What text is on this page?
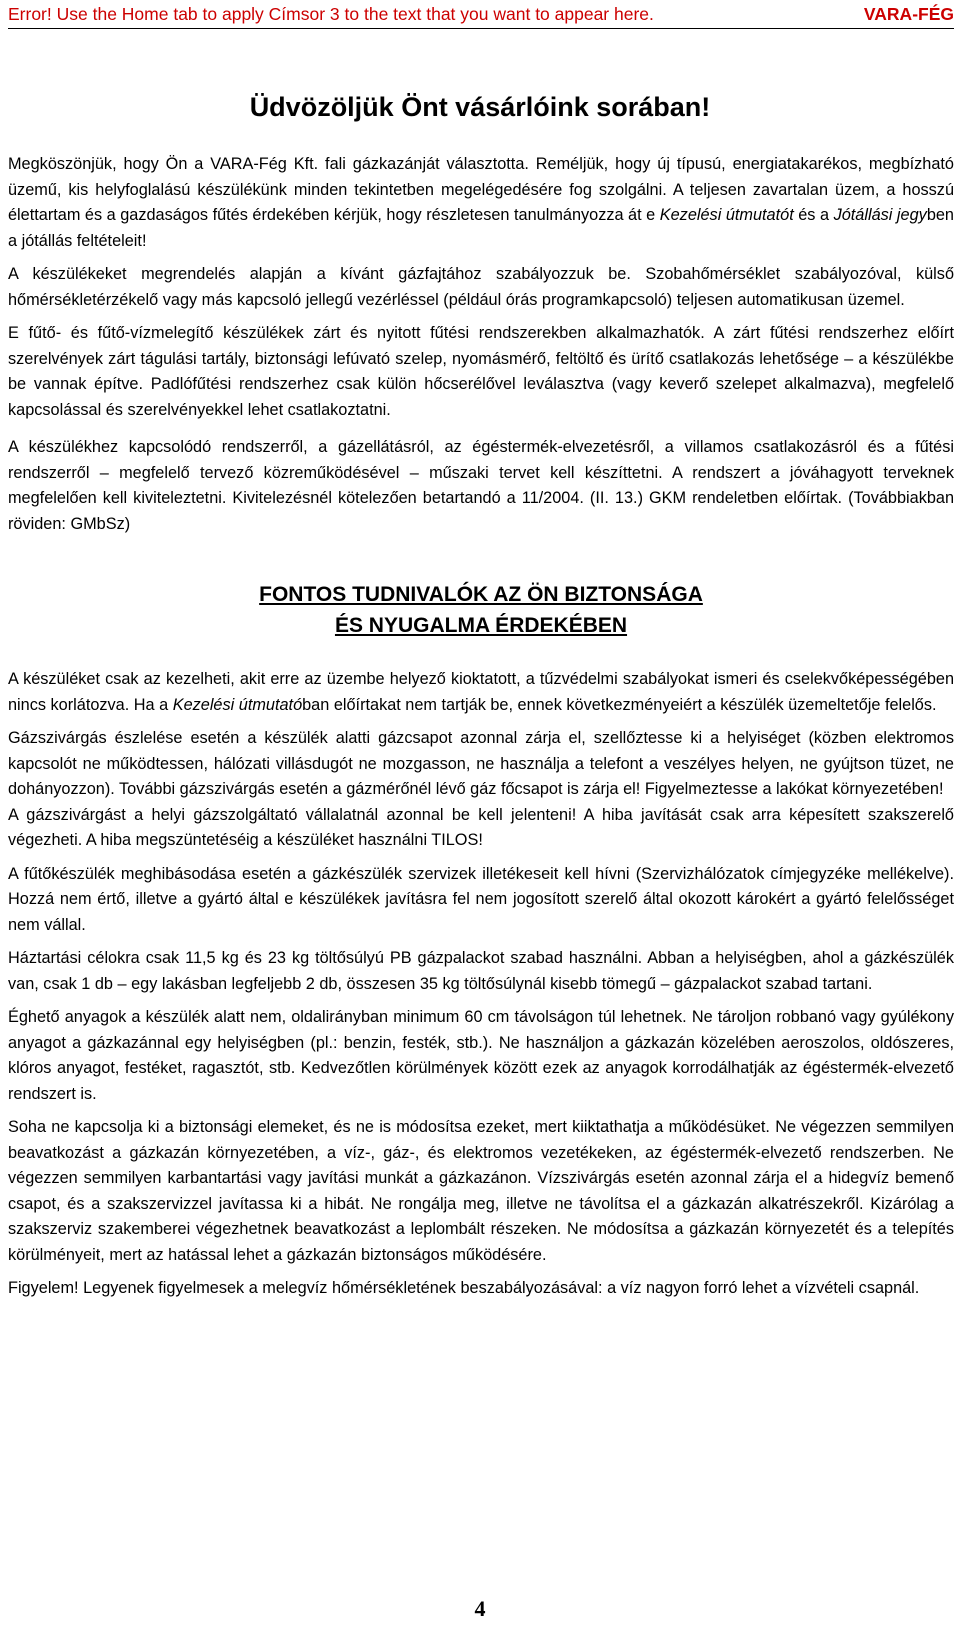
Error! Use the Home tab to apply Címsor 3 to the text that you want to appear here.	VARA-FÉG
Üdvözöljük Önt vásárlóink sorában!

Megköszönjük, hogy Ön a VARA-Fég Kft. fali gázkazánját választotta. Reméljük, hogy új típusú, energiatakarékos, megbízható üzemű, kis helyfoglalású készülékünk minden tekintetben megelégedésére fog szolgálni. A teljesen zavartalan üzem, a hosszú élettartam és a gazdaságos fűtés érdekében kérjük, hogy részletesen tanulmányozza át e Kezelési útmutatót és a Jótállási jegyben a jótállás feltételeit!

A készülékeket megrendelés alapján a kívánt gázfajtához szabályozzuk be. Szobahőmérséklet szabályozóval, külső hőmérsékletérzékelő vagy más kapcsoló jellegű vezérléssel (például órás programkapcsoló) teljesen automatikusan üzemel.

E fűtő- és fűtő-vízmelegítő készülékek zárt és nyitott fűtési rendszerekben alkalmazhatók. A zárt fűtési rendszerhez előírt szerelvények zárt tágulási tartály, biztonsági lefúvató szelep, nyomásmérő, feltöltő és ürítő csatlakozás lehetősége – a készülékbe be vannak építve. Padlófűtési rendszerhez csak külön hőcserélővel leválasztva (vagy keverő szelepet alkalmazva), megfelelő kapcsolással és szerelvényekkel lehet csatlakoztatni.

A készülékhez kapcsolódó rendszerről, a gázellátásról, az égéstermék-elvezetésről, a villamos csatlakozásról és a fűtési rendszerről – megfelelő tervező közreműködésével – műszaki tervet kell készíttetni. A rendszert a jóváhagyott terveknek megfelelően kell kiviteleztetni. Kivitelezésnél kötelezően betartandó a 11/2004. (II. 13.) GKM rendeletben előírtak. (Továbbiakban röviden: GMbSz)

FONTOS TUDNIVALÓK AZ ÖN BIZTONSÁGA
ÉS NYUGALMA ÉRDEKÉBEN

A készüléket csak az kezelheti, akit erre az üzembe helyező kioktatott, a tűzvédelmi szabályokat ismeri és cselekvőképességében nincs korlátozva. Ha a Kezelési útmutatóban előírtakat nem tartják be, ennek következményeiért a készülék üzemeltetője felelős.

Gázszivárgás észlelése esetén a készülék alatti gázcsapot azonnal zárja el, szellőztesse ki a helyiséget (közben elektromos kapcsolót ne működtessen, hálózati villásdugót ne mozgasson, ne használja a telefont a veszélyes helyen, ne gyújtson tüzet, ne dohányozzon). További gázszivárgás esetén a gázmérőnél lévő gáz főcsapot is zárja el! Figyelmeztesse a lakókat környezetében!

A gázszivárgást a helyi gázszolgáltató vállalatnál azonnal be kell jelenteni! A hiba javítását csak arra képesített szakszerelő végezheti. A hiba megszüntetéséig a készüléket használni TILOS!

A fűtőkészülék meghibásodása esetén a gázkészülék szervizek illetékeseit kell hívni (Szervizhálózatok címjegyzéke mellékelve). Hozzá nem értő, illetve a gyártó által e készülékek javításra fel nem jogosított szerelő által okozott károkért a gyártó felelősséget nem vállal.

Háztartási célokra csak 11,5 kg és 23 kg töltősúlyú PB gázpalackot szabad használni. Abban a helyiségben, ahol a gázkészülék van, csak 1 db – egy lakásban legfeljebb 2 db, összesen 35 kg töltősúlynál kisebb tömegű – gázpalackot szabad tartani.

Éghető anyagok a készülék alatt nem, oldalirányban minimum 60 cm távolságon túl lehetnek. Ne tároljon robbanó vagy gyúlékony anyagot a gázkazánnal egy helyiségben (pl.: benzin, festék, stb.). Ne használjon a gázkazán közelében aeroszolos, oldószeres, klóros anyagot, festéket, ragasztót, stb. Kedvezőtlen körülmények között ezek az anyagok korrodálhatják az égéstermék-elvezető rendszert is.

Soha ne kapcsolja ki a biztonsági elemeket, és ne is módosítsa ezeket, mert kiiktathatja a működésüket. Ne végezzen semmilyen beavatkozást a gázkazán környezetében, a víz-, gáz-, és elektromos vezetékeken, az égéstermék-elvezető rendszerben. Ne végezzen semmilyen karbantartási vagy javítási munkát a gázkazánon. Vízszivárgás esetén azonnal zárja el a hidegvíz bemenő csapot, és a szakszervizzel javítassa ki a hibát. Ne rongálja meg, illetve ne távolítsa el a gázkazán alkatrészekről. Kizárólag a szakszerviz szakemberei végezhetnek beavatkozást a leplombált részeken. Ne módosítsa a gázkazán környezetét és a telepítés körülményeit, mert az hatással lehet a gázkazán biztonságos működésére.

Figyelem! Legyenek figyelmesek a melegvíz hőmérsékletének beszabályozásával: a víz nagyon forró lehet a vízvételi csapnál.

4
